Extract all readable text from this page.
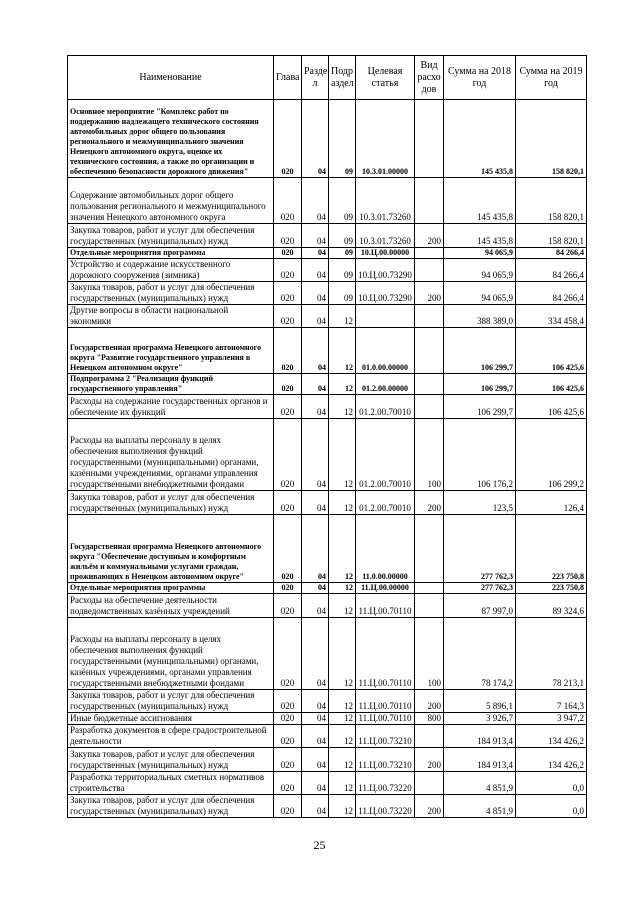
Наименование	Глава	Разде л	Подр аздел	Целевая статья	Вид расхо дов	Сумма на 2018 год	Сумма на 2019 год
Основное мероприятие "Комплекс работ по поддержанию надлежащего технического состояния автомобильных дорог общего пользования регионального и межмуниципального значения Ненецкого автономного округа, оценке их технического состояния, а также по организации и обеспечению безопасности дорожного движения"	020	04	09	10.3.01.00000		145 435,8	158 820,1
Содержание автомобильных дорог общего пользования регионального и межмуниципального значения Ненецкого автономного округа	020	04	09	10.3.01.73260		145 435,8	158 820,1
Закупка товаров, работ и услуг для обеспечения государственных (муниципальных) нужд	020	04	09	10.3.01.73260	200	145 435,8	158 820,1
Отдельные мероприятия программы	020	04	09	10.Ц.00.00000		94 065,9	84 266,4
Устройство и содержание искусственного дорожного сооружения (зимника)	020	04	09	10.Ц.00.73290		94 065,9	84 266,4
Закупка товаров, работ и услуг для обеспечения государственных (муниципальных) нужд	020	04	09	10.Ц.00.73290	200	94 065,9	84 266,4
Другие вопросы в области национальной экономики	020	04	12			388 389,0	334 458,4
Государственная программа Ненецкого автономного округа "Развитие государственного управления в Ненецком автономном округе"	020	04	12	01.0.00.00000		106 299,7	106 425,6
Подпрограмма 2 "Реализация функций государственного управления"	020	04	12	01.2.00.00000		106 299,7	106 425,6
Расходы на содержание государственных органов и обеспечение их функций	020	04	12	01.2.00.70010		106 299,7	106 425,6
Расходы на выплаты персоналу в целях обеспечения выполнения функций государственными (муниципальными) органами, казёнными учреждениями, органами управления государственными внебюджетными фондами	020	04	12	01.2.00.70010	100	106 176,2	106 299,2
Закупка товаров, работ и услуг для обеспечения государственных (муниципальных) нужд	020	04	12	01.2.00.70010	200	123,5	126,4
Государственная программа Ненецкого автономного округа "Обеспечение доступным и комфортным жильём и коммунальными услугами граждан, проживающих в Ненецком автономном округе"	020	04	12	11.0.00.00000		277 762,3	223 750,8
Отдельные мероприятия программы	020	04	12	11.Ц.00.00000		277 762,3	223 750,8
Расходы на обеспечение деятельности подведомственных казённых учреждений	020	04	12	11.Ц.00.70110		87 997,0	89 324,6
Расходы на выплаты персоналу в целях обеспечения выполнения функций государственными (муниципальными) органами, казённых учреждениями, органами управления государственными внебюджетными фондами	020	04	12	11.Ц.00.70110	100	78 174,2	78 213,1
Закупка товаров, работ и услуг для обеспечения государственных (муниципальных) нужд	020	04	12	11.Ц.00.70110	200	5 896,1	7 164,3
Иные бюджетные ассигнования	020	04	12	11.Ц.00.70110	800	3 926,7	3 947,2
Разработка документов в сфере градостроительной деятельности	020	04	12	11.Ц.00.73210		184 913,4	134 426,2
Закупка товаров, работ и услуг для обеспечения государственных (муниципальных) нужд	020	04	12	11.Ц.00.73210	200	184 913,4	134 426,2
Разработка территориальных сметных нормативов строительства	020	04	12	11.Ц.00.73220		4 851,9	0,0
Закупка товаров, работ и услуг для обеспечения государственных (муниципальных) нужд	020	04	12	11.Ц.00.73220	200	4 851,9	0,0
25
